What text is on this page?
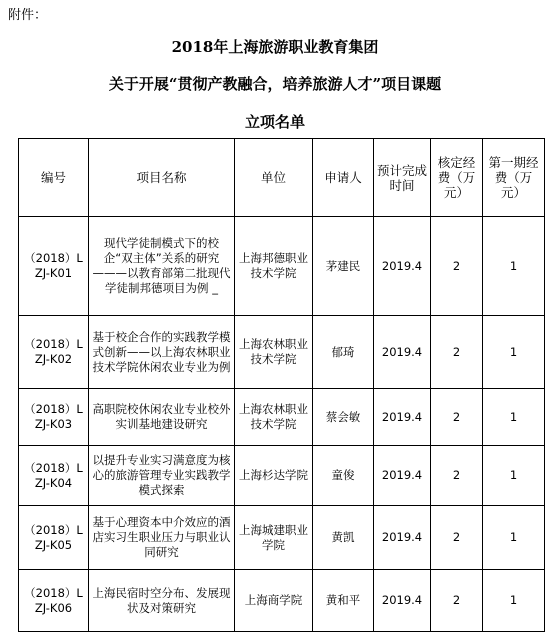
附件：
2018年上海旅游职业教育集团
关于开展“贯彻产教融合，培养旅游人才”项目课题
立项名单
编号	项目名称	单位	申请人	预计完成时间	核定经费（万元）	第一期经费（万元）
（2018）LZJ-K01	现代学徒制模式下的校企“双主体”关系的研究 ———以教育部第二批现代学徒制邦德项目为例 _	上海邦德职业技术学院	茅建民	2019.4	2	1
（2018）LZJ-K02	基于校企合作的实践教学模式创新——以上海农林职业技术学院休闲农业专业为例	上海农林职业技术学院	郁琦	2019.4	2	1
（2018）LZJ-K03	高职院校休闲农业专业校外实训基地建设研究	上海农林职业技术学院	蔡会敏	2019.4	2	1
（2018）LZJ-K04	以提升专业实习满意度为核心的旅游管理专业实践教学模式探索	上海杉达学院	童俊	2019.4	2	1
（2018）LZJ-K05	基于心理资本中介效应的酒店实习生职业压力与职业认同研究	上海城建职业学院	黄凯	2019.4	2	1
（2018）LZJ-K06	上海民宿时空分布、发展现状及对策研究	上海商学院	黄和平	2019.4	2	1
